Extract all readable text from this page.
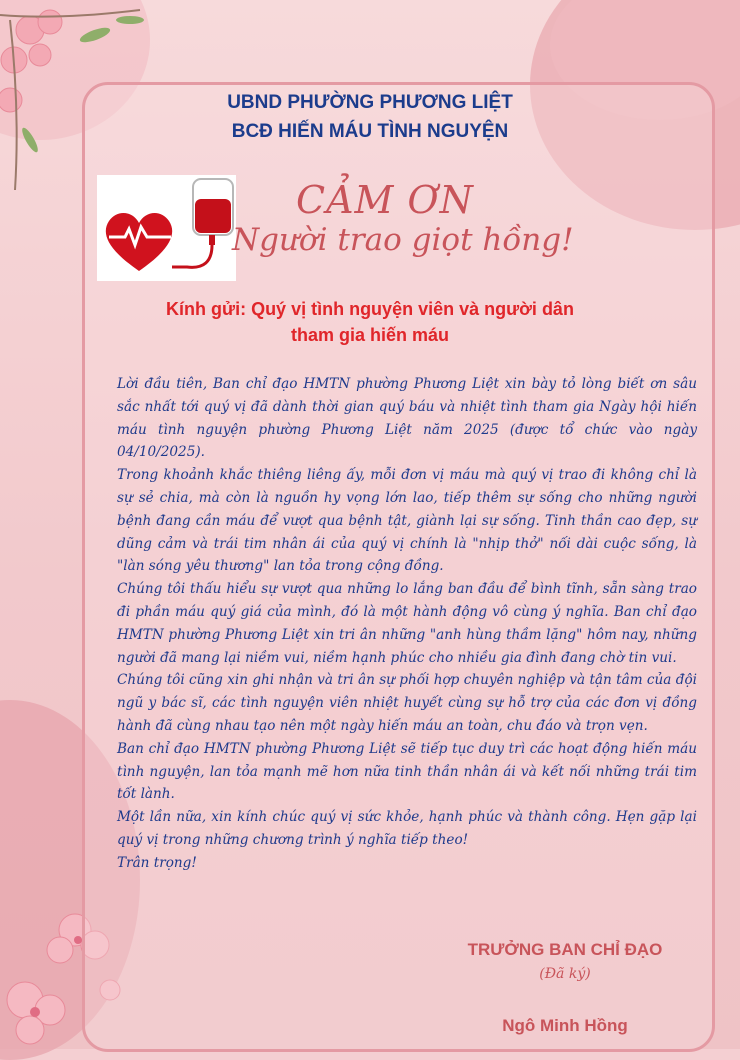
UBND PHƯỜNG PHƯƠNG LIỆT
BCĐ HIẾN MÁU TÌNH NGUYỆN
CẢM ƠN
Người trao giọt hồng!
Kính gửi: Quý vị tình nguyện viên và người dân
tham gia hiến máu

Lời đầu tiên, Ban chỉ đạo HMTN phường Phương Liệt xin bày tỏ lòng biết ơn sâu sắc nhất tới quý vị đã dành thời gian quý báu và nhiệt tình tham gia Ngày hội hiến máu tình nguyện phường Phương Liệt năm 2025 (được tổ chức vào ngày 04/10/2025).

Trong khoảnh khắc thiêng liêng ấy, mỗi đơn vị máu mà quý vị trao đi không chỉ là sự sẻ chia, mà còn là nguồn hy vọng lớn lao, tiếp thêm sự sống cho những người bệnh đang cần máu để vượt qua bệnh tật, giành lại sự sống. Tinh thần cao đẹp, sự dũng cảm và trái tim nhân ái của quý vị chính là "nhịp thở" nối dài cuộc sống, là "làn sóng yêu thương" lan tỏa trong cộng đồng.

Chúng tôi thấu hiểu sự vượt qua những lo lắng ban đầu để bình tĩnh, sẵn sàng trao đi phần máu quý giá của mình, đó là một hành động vô cùng ý nghĩa. Ban chỉ đạo HMTN phường Phương Liệt xin tri ân những "anh hùng thầm lặng" hôm nay, những người đã mang lại niềm vui, niềm hạnh phúc cho nhiều gia đình đang chờ tin vui.

Chúng tôi cũng xin ghi nhận và tri ân sự phối hợp chuyên nghiệp và tận tâm của đội ngũ y bác sĩ, các tình nguyện viên nhiệt huyết cùng sự hỗ trợ của các đơn vị đồng hành đã cùng nhau tạo nên một ngày hiến máu an toàn, chu đáo và trọn vẹn.

Ban chỉ đạo HMTN phường Phương Liệt sẽ tiếp tục duy trì các hoạt động hiến máu tình nguyện, lan tỏa mạnh mẽ hơn nữa tinh thần nhân ái và kết nối những trái tim tốt lành.

Một lần nữa, xin kính chúc quý vị sức khỏe, hạnh phúc và thành công. Hẹn gặp lại quý vị trong những chương trình ý nghĩa tiếp theo!

Trân trọng!

TRƯỞNG BAN CHỈ ĐẠO
(Đã ký)
Ngô Minh Hồng
